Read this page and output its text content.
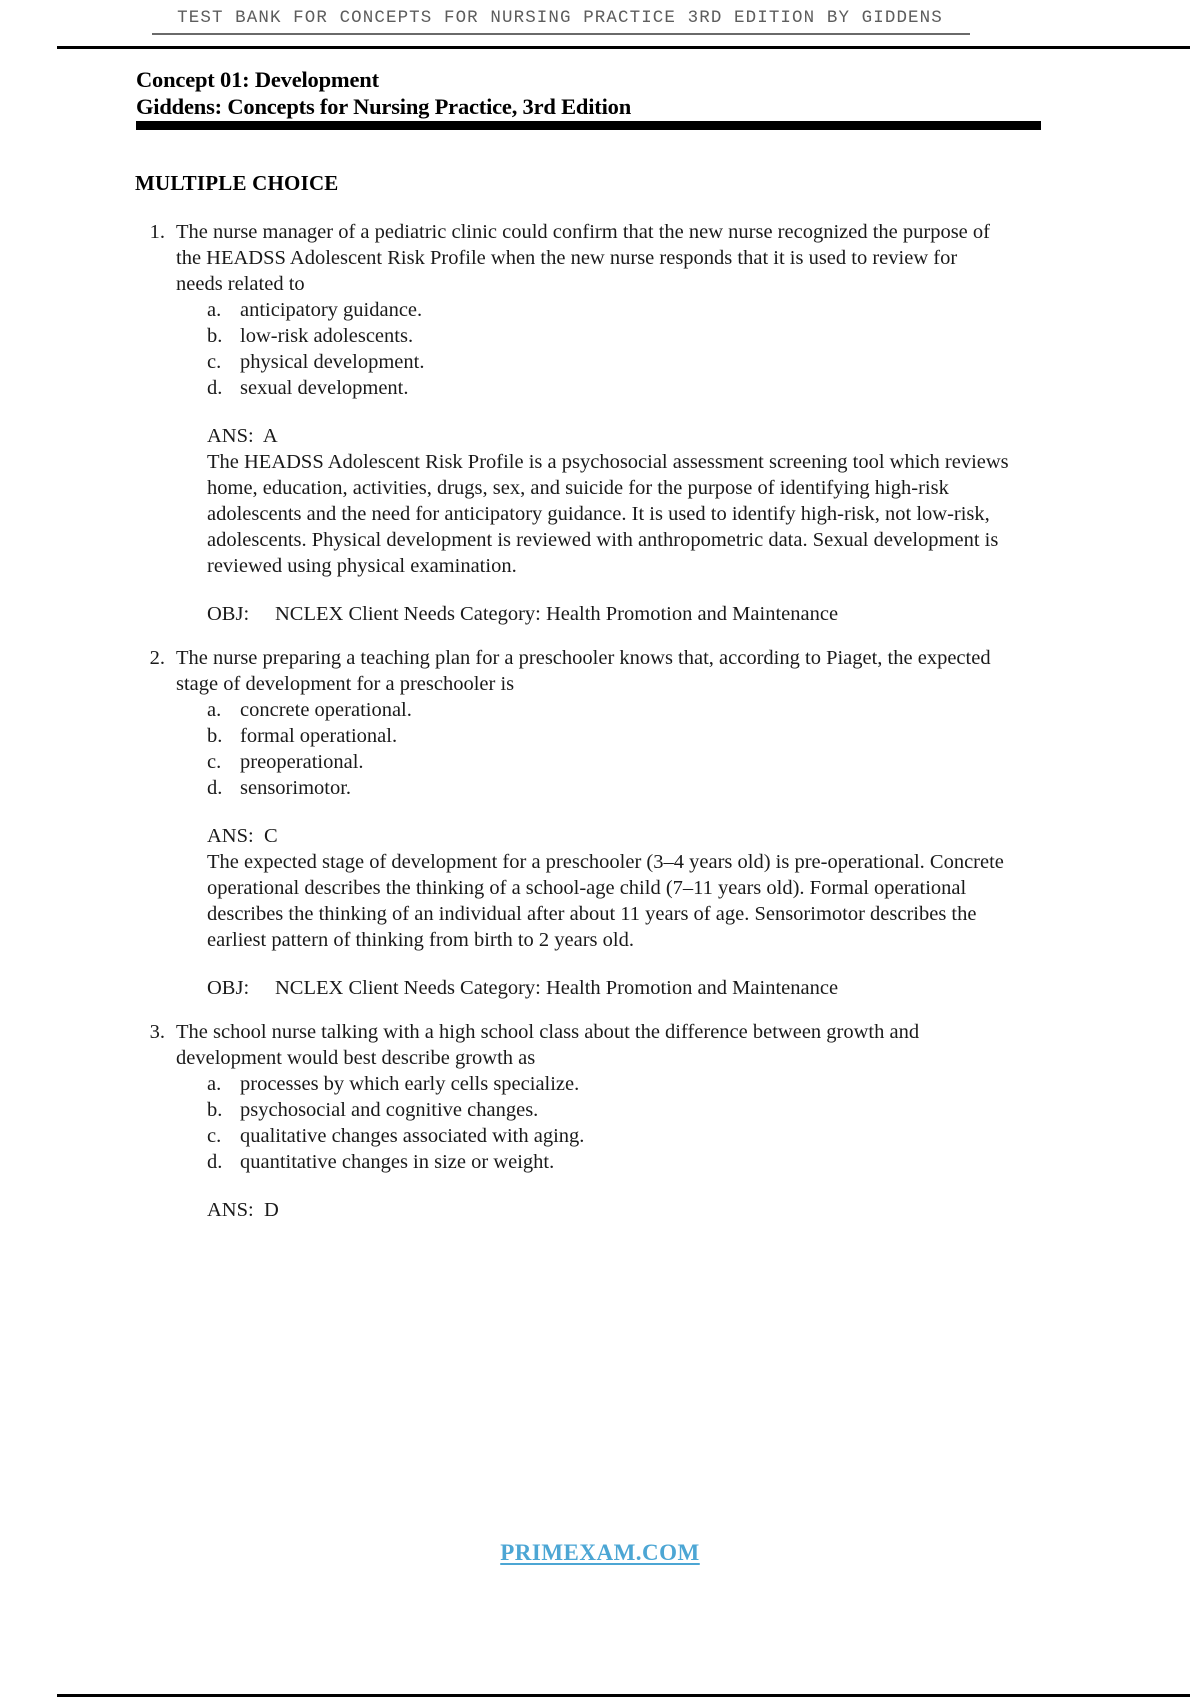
TEST BANK FOR CONCEPTS FOR NURSING PRACTICE 3RD EDITION BY GIDDENS
Concept 01: Development
Giddens: Concepts for Nursing Practice, 3rd Edition
MULTIPLE CHOICE
1. The nurse manager of a pediatric clinic could confirm that the new nurse recognized the purpose of the HEADSS Adolescent Risk Profile when the new nurse responds that it is used to review for needs related to
a. anticipatory guidance.
b. low-risk adolescents.
c. physical development.
d. sexual development.
ANS: A
The HEADSS Adolescent Risk Profile is a psychosocial assessment screening tool which reviews home, education, activities, drugs, sex, and suicide for the purpose of identifying high-risk adolescents and the need for anticipatory guidance. It is used to identify high-risk, not low-risk, adolescents. Physical development is reviewed with anthropometric data. Sexual development is reviewed using physical examination.
OBJ:	NCLEX Client Needs Category: Health Promotion and Maintenance
2. The nurse preparing a teaching plan for a preschooler knows that, according to Piaget, the expected stage of development for a preschooler is
a. concrete operational.
b. formal operational.
c. preoperational.
d. sensorimotor.
ANS: C
The expected stage of development for a preschooler (3–4 years old) is pre-operational. Concrete operational describes the thinking of a school-age child (7–11 years old). Formal operational describes the thinking of an individual after about 11 years of age. Sensorimotor describes the earliest pattern of thinking from birth to 2 years old.
OBJ:	NCLEX Client Needs Category: Health Promotion and Maintenance
3. The school nurse talking with a high school class about the difference between growth and development would best describe growth as
a. processes by which early cells specialize.
b. psychosocial and cognitive changes.
c. qualitative changes associated with aging.
d. quantitative changes in size or weight.
ANS: D
PRIMEXAM.COM
